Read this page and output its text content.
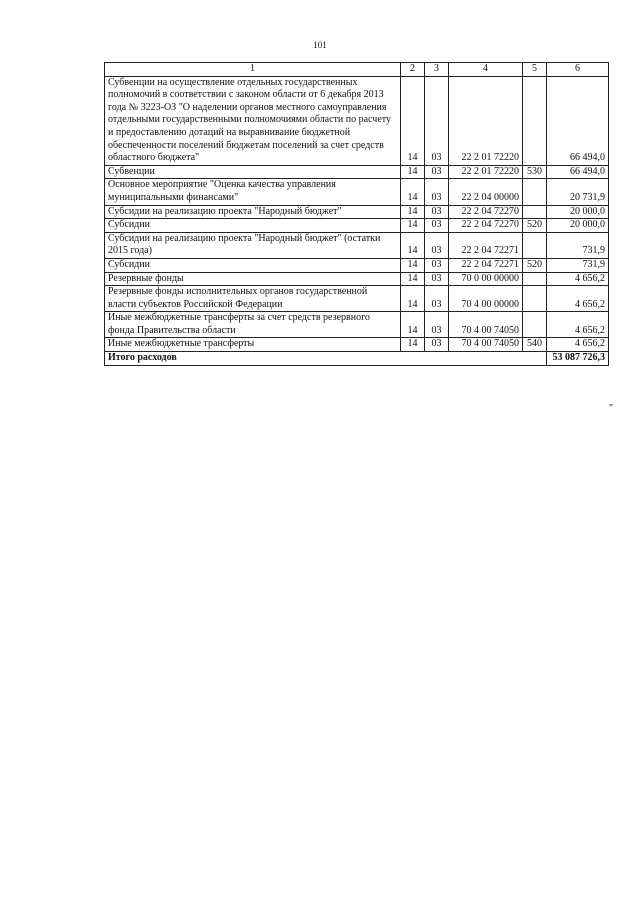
101
1	2	3	4	5	6
Субвенции на осуществление отдельных государственных полномочий в соответствии с законом области от 6 декабря 2013 года № 3223-ОЗ "О наделении органов местного самоуправления отдельными государственными полномочиями области по расчету и предоставлению дотаций на выравнивание бюджетной обеспеченности поселений бюджетам поселений за счет средств областного бюджета"	14	03	22 2 01 72220		66 494,0
Субвенции	14	03	22 2 01 72220	530	66 494,0
Основное мероприятие "Оценка качества управления муниципальными финансами"	14	03	22 2 04 00000		20 731,9
Субсидии на реализацию проекта "Народный бюджет"	14	03	22 2 04 72270		20 000,0
Субсидии	14	03	22 2 04 72270	520	20 000,0
Субсидии на реализацию проекта "Народный бюджет" (остатки 2015 года)	14	03	22 2 04 72271		731,9
Субсидии	14	03	22 2 04 72271	520	731,9
Резервные фонды	14	03	70 0 00 00000		4 656,2
Резервные фонды исполнительных органов государственной власти субъектов Российской Федерации	14	03	70 4 00 00000		4 656,2
Иные межбюджетные трансферты за счет средств резервного фонда Правительства области	14	03	70 4 00 74050		4 656,2
Иные межбюджетные трансферты	14	03	70 4 00 74050	540	4 656,2
Итого расходов					53 087 726,3
"
